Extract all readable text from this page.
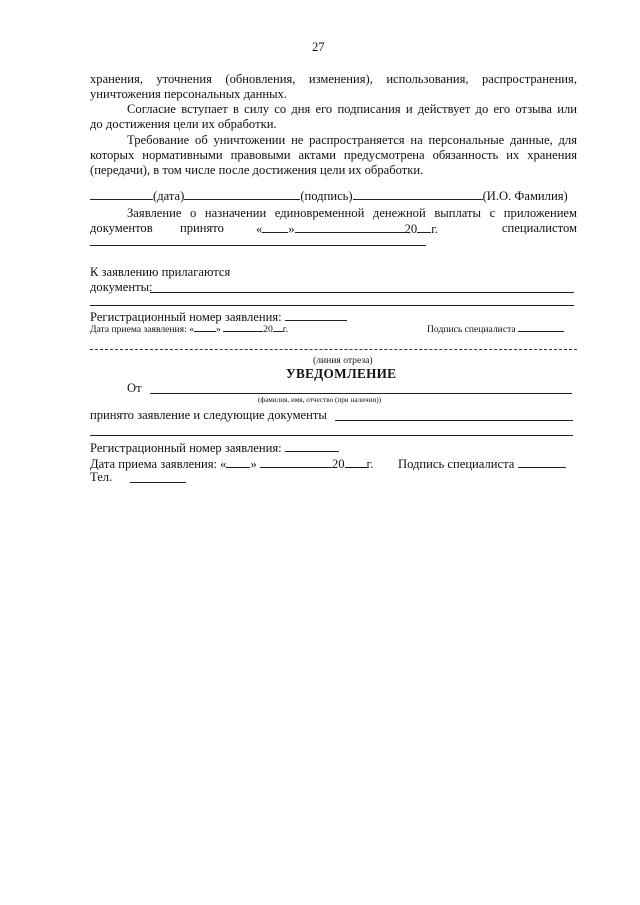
27
хранения, уточнения (обновления, изменения), использования, распространения,
уничтожения персональных данных.
Согласие вступает в силу со дня его подписания и действует до его отзыва или
до достижения цели их обработки.
Требование об уничтожении не распространяется на персональные данные, для
которых нормативными правовыми актами предусмотрена обязанность их хранения
(передачи), в том числе после достижения цели их обработки.
(дата)	(подпись)	(И.О. Фамилия)
Заявление о назначении единовременной денежной выплаты с приложением
документов принято	« »	20 г.	специалистом
К заявлению прилагаются
документы:
Регистрационный номер заявления:
Дата приема заявления: « »	20 г.	Подпись специалиста
(линия отреза)
УВЕДОМЛЕНИЕ
От
(фамилия, имя, отчество (при наличии))
принято заявление и следующие документы
Регистрационный номер заявления:
Дата приема заявления: « »	20 г. Подпись специалиста
Тел.
